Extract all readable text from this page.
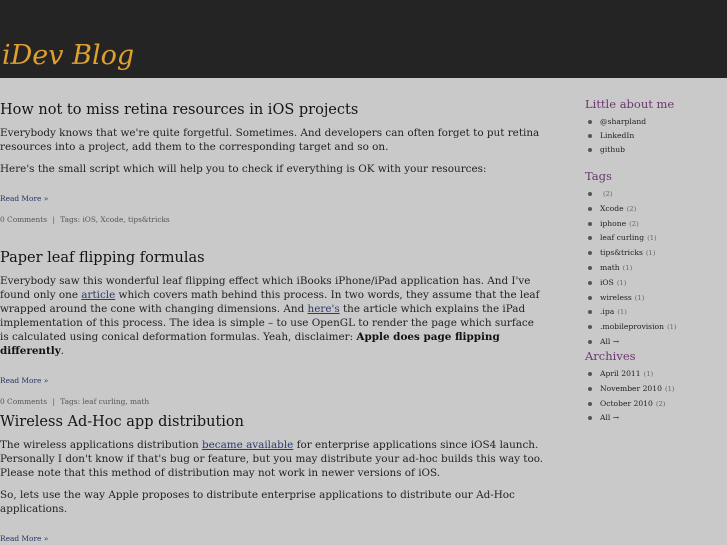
iDev Blog
How not to miss retina resources in iOS projects

Everybody knows that we're quite forgetful. Sometimes. And developers can often forget to put retina resources into a project, add them to the corresponding target and so on.

Here's the small script which will help you to check if everything is OK with your resources:

Read More »
0 Comments | Tags: iOS, Xcode, tips&tricks
Paper leaf flipping formulas

Everybody saw this wonderful leaf flipping effect which iBooks iPhone/iPad application has. And I've found only one article which covers math behind this process. In two words, they assume that the leaf wrapped around the cone with changing dimensions. And here's the article which explains the iPad implementation of this process. The idea is simple – to use OpenGL to render the page which surface is calculated using conical deformation formulas. Yeah, disclaimer: Apple does page flipping differently.

Read More »
0 Comments | Tags: leaf curling, math
Wireless Ad-Hoc app distribution

The wireless applications distribution became available for enterprise applications since iOS4 launch. Personally I don't know if that's bug or feature, but you may distribute your ad-hoc builds this way too. Please note that this method of distribution may not work in newer versions of iOS.

So, lets use the way Apple proposes to distribute enterprise applications to distribute our Ad-Hoc applications.

Read More »
Little about me
@sharpland
LinkedIn
github
Tags
(2)
Xcode (2)
iphone (2)
leaf curling (1)
tips&tricks (1)
math (1)
iOS (1)
wireless (1)
.ipa (1)
.mobileprovision (1)
All →
Archives
April 2011 (1)
November 2010 (1)
October 2010 (2)
All →
